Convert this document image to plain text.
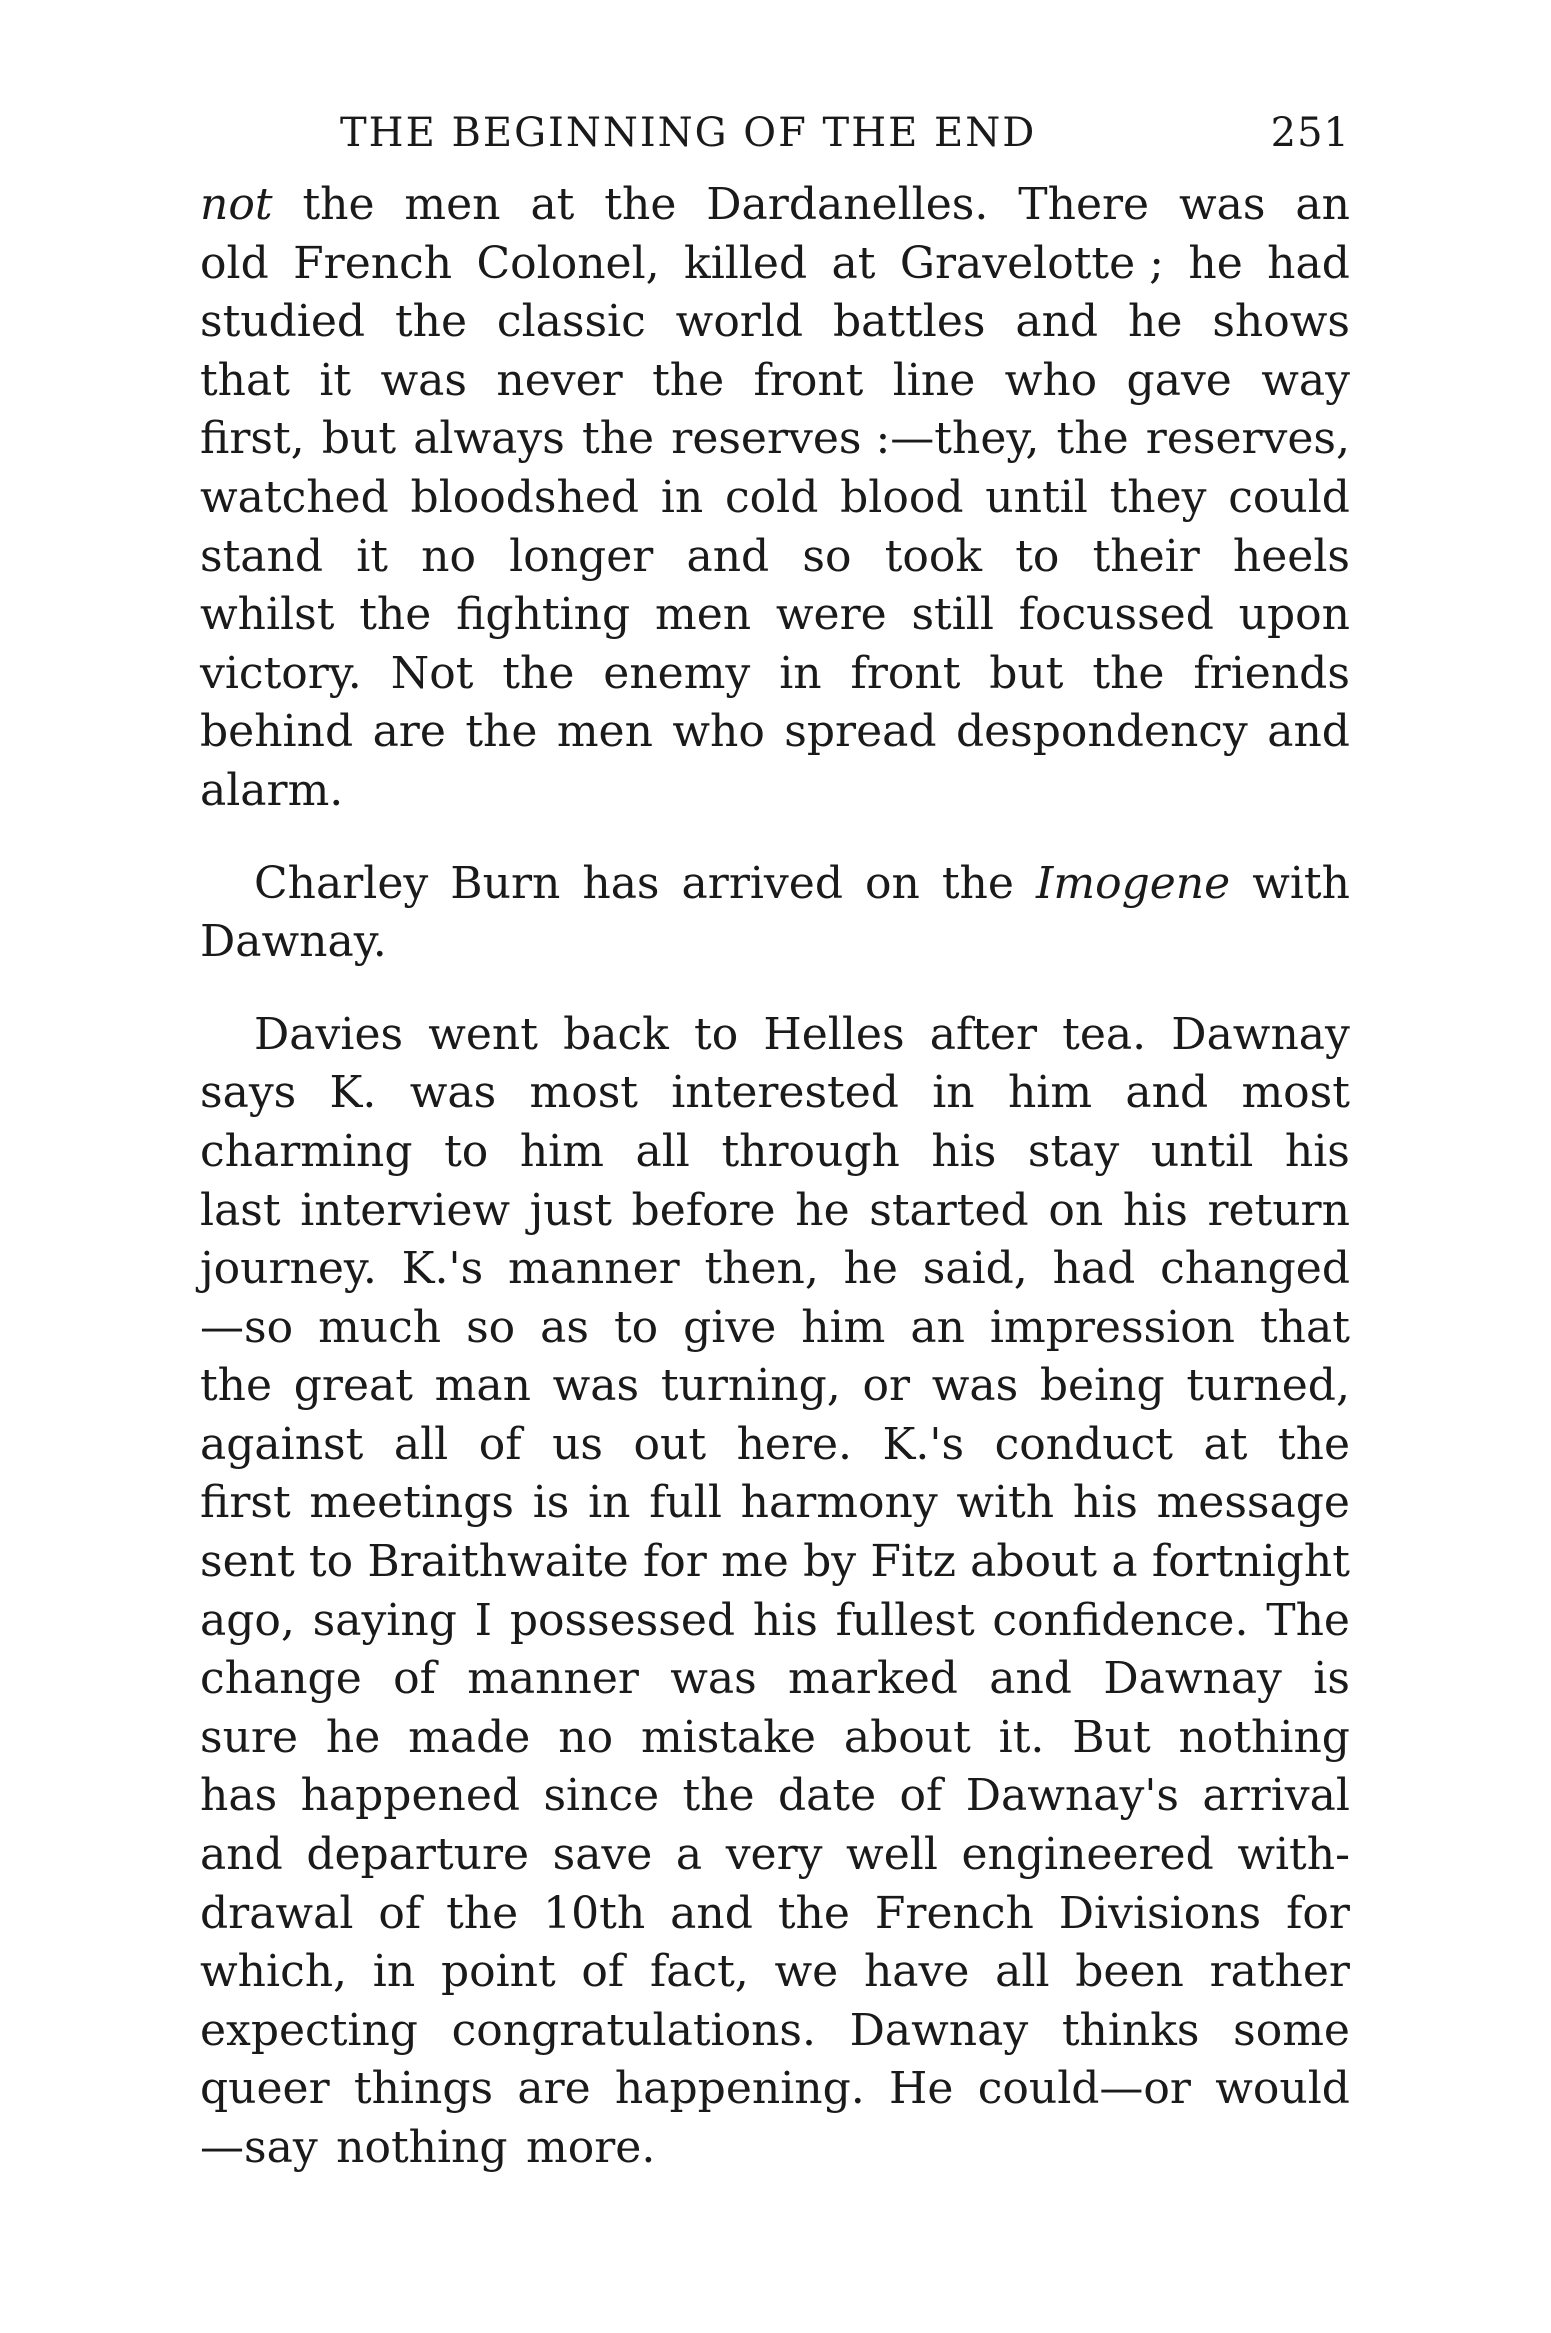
THE BEGINNING OF THE END	251
not the men at the Dardanelles. There was an
old French Colonel, killed at Gravelotte ; he had
studied the classic world battles and he shows
that it was never the front line who gave way
first, but always the reserves :—they, the reserves,
watched bloodshed in cold blood until they could
stand it no longer and so took to their heels
whilst the fighting men were still focussed upon
victory. Not the enemy in front but the friends
behind are the men who spread despondency and
alarm.
Charley Burn has arrived on the Imogene with
Dawnay.
Davies went back to Helles after tea. Dawnay
says K. was most interested in him and most
charming to him all through his stay until his
last interview just before he started on his return
journey. K.'s manner then, he said, had changed
—so much so as to give him an impression that
the great man was turning, or was being turned,
against all of us out here. K.'s conduct at the
first meetings is in full harmony with his message
sent to Braithwaite for me by Fitz about a fortnight
ago, saying I possessed his fullest confidence. The
change of manner was marked and Dawnay is
sure he made no mistake about it. But nothing
has happened since the date of Dawnay's arrival
and departure save a very well engineered with-
drawal of the 10th and the French Divisions for
which, in point of fact, we have all been rather
expecting congratulations. Dawnay thinks some
queer things are happening. He could—or would
—say nothing more.
